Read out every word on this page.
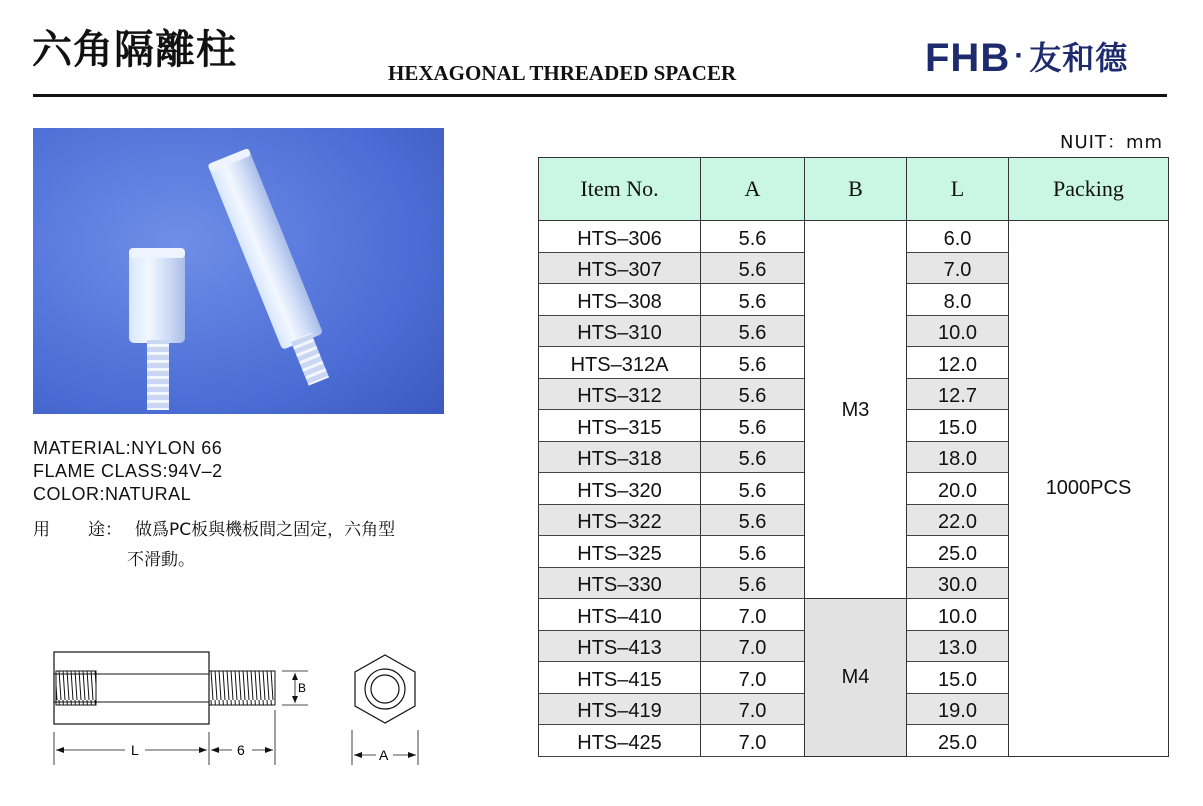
六角隔離柱	HEXAGONAL THREADED SPACER	FHB · 友和德
MATERIAL:NYLON 66
FLAME CLASS:94V–2
COLOR:NATURAL
用 途： 做爲PC板與機板間之固定，六角型
不滑動。
NUIT：mm
Item No.	A	B	L	Packing
HTS–306	5.6	M3	6.0	1000PCS
HTS–307	5.6		7.0	
HTS–308	5.6		8.0	
HTS–310	5.6		10.0	
HTS–312A	5.6		12.0	
HTS–312	5.6		12.7	
HTS–315	5.6		15.0	
HTS–318	5.6		18.0	
HTS–320	5.6		20.0	
HTS–322	5.6		22.0	
HTS–325	5.6		25.0	
HTS–330	5.6		30.0	
HTS–410	7.0	M4	10.0	
HTS–413	7.0		13.0	
HTS–415	7.0		15.0	
HTS–419	7.0		19.0	
HTS–425	7.0		25.0	
B
L	6	A
